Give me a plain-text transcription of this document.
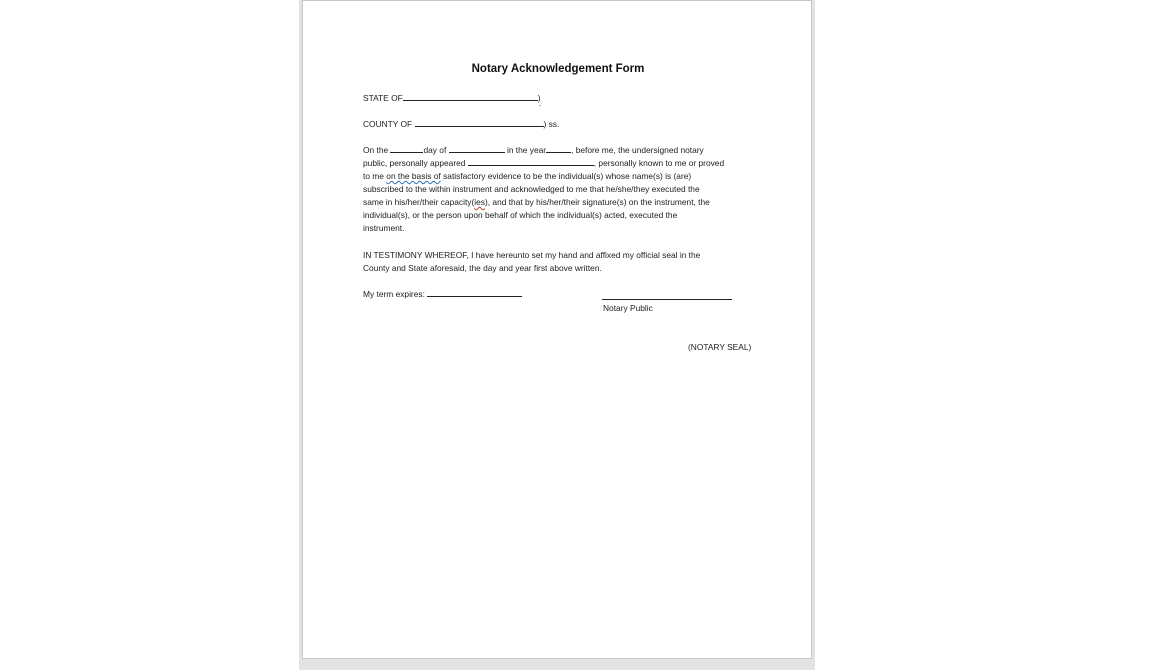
Notary Acknowledgement Form
STATE OF	)
COUNTY OF	) ss.
On the	day of	in the year	, before me, the undersigned notary
public, personally appeared	, personally known to me or proved
to me on the basis of satisfactory evidence to be the individual(s) whose name(s) is (are)
subscribed to the within instrument and acknowledged to me that he/she/they executed the
same in his/her/their capacity(ies), and that by his/her/their signature(s) on the instrument, the
individual(s), or the person upon behalf of which the individual(s) acted, executed the
instrument.
IN TESTIMONY WHEREOF, I have hereunto set my hand and affixed my official seal in the
County and State aforesaid, the day and year first above written.
My term expires:
Notary Public
(NOTARY SEAL)
